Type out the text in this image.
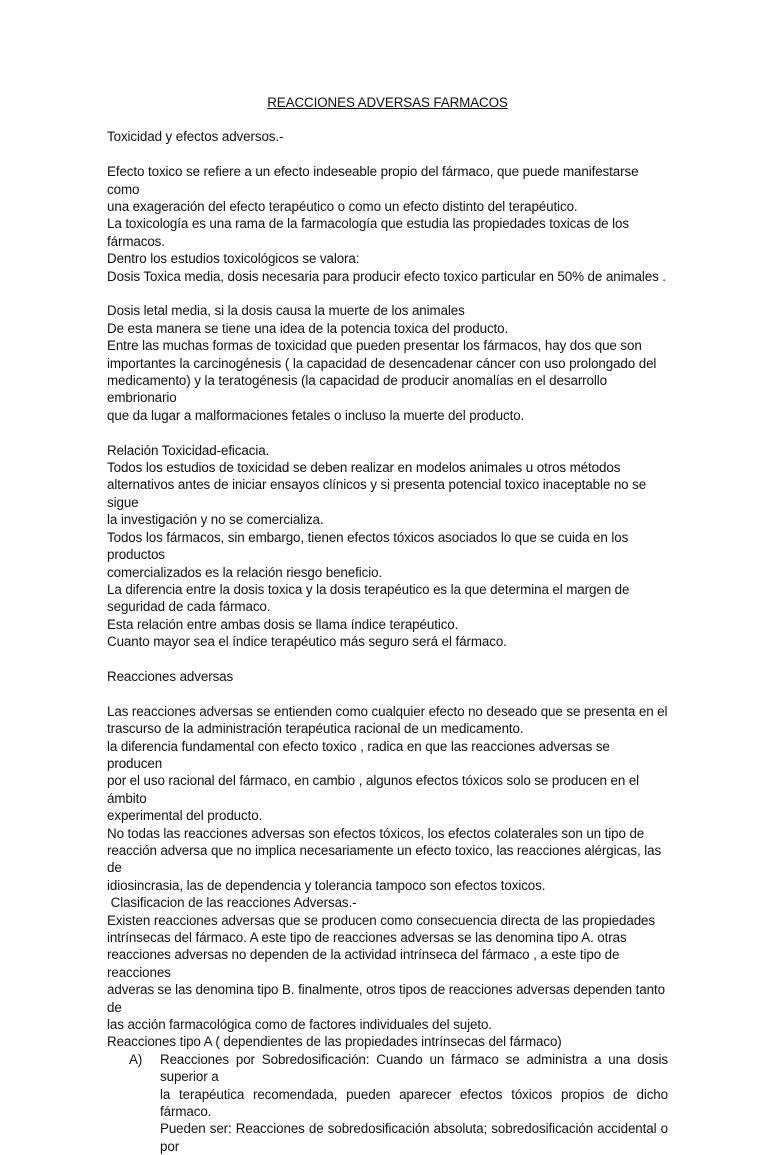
REACCIONES ADVERSAS FARMACOS

Toxicidad y efectos adversos.-

Efecto toxico se refiere a un efecto indeseable propio del fármaco, que puede manifestarse como

una exageración del efecto terapéutico o como un efecto distinto del terapéutico.

La toxicología es una rama de la farmacología que estudia las propiedades toxicas de los fármacos.

Dentro los estudios toxicológicos se valora:

Dosis Toxica media, dosis necesaria para producir efecto toxico particular en 50% de animales .

Dosis letal media, si la dosis causa la muerte de los animales

De esta manera se tiene una idea de la potencia toxica del producto.

Entre las muchas formas de toxicidad que pueden presentar los fármacos, hay dos que son

importantes la carcinogénesis ( la capacidad de desencadenar cáncer con uso prolongado del

medicamento) y la teratogénesis (la capacidad de producir anomalías en el desarrollo embrionario

que da lugar a malformaciones fetales o incluso la muerte del producto.

Relación Toxicidad-eficacia.

Todos los estudios de toxicidad se deben realizar en modelos animales u otros métodos

alternativos antes de iniciar ensayos clínicos y si presenta potencial toxico inaceptable no se sigue

la investigación y no se comercializa.

Todos los fármacos, sin embargo, tienen efectos tóxicos asociados lo que se cuida en los productos

comercializados es la relación riesgo beneficio.

La diferencia entre la dosis toxica y la dosis terapéutico es la que determina el margen de

seguridad de cada fármaco.

Esta relación entre ambas dosis se llama índice terapéutico.

Cuanto mayor sea el índice terapéutico más seguro será el fármaco.

Reacciones adversas

Las reacciones adversas se entienden como cualquier efecto no deseado que se presenta en el

trascurso de la administración terapéutica racional de un medicamento.

la diferencia fundamental con efecto toxico , radica en que las reacciones adversas se producen

por el uso racional del fármaco, en cambio , algunos efectos tóxicos solo se producen en el ámbito

experimental del producto.

No todas las reacciones adversas son efectos tóxicos, los efectos colaterales son un tipo de

reacción adversa que no implica necesariamente un efecto toxico, las reacciones alérgicas, las de

idiosincrasia, las de dependencia y tolerancia tampoco son efectos toxicos.

Clasificacion de las reacciones Adversas.-

Existen reacciones adversas que se producen como consecuencia directa de las propiedades

intrínsecas del fármaco. A este tipo de reacciones adversas se las denomina tipo A. otras

reacciones adversas no dependen de la actividad intrínseca del fármaco , a este tipo de reacciones

adveras se las denomina tipo B. finalmente, otros tipos de reacciones adversas dependen tanto de

las acción farmacológica como de factores individuales del sujeto.

Reacciones tipo A ( dependientes de las propiedades intrínsecas del fármaco)

A)	Reacciones por Sobredosificación: Cuando un fármaco se administra a una dosis superior a

la terapéutica recomendada, pueden aparecer efectos tóxicos propios de dicho fármaco.

Pueden ser: Reacciones de sobredosificación absoluta; sobredosificación accidental o por
